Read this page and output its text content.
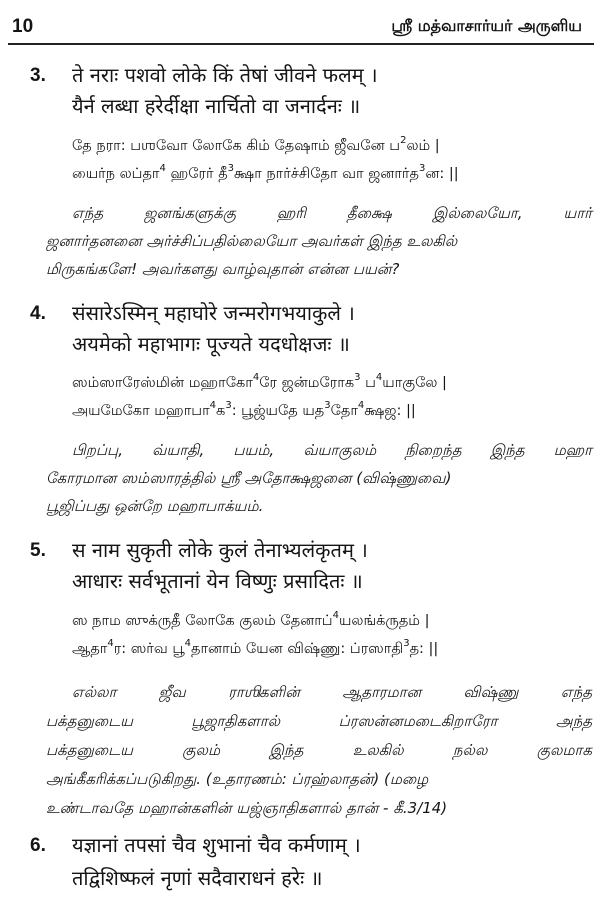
10	ஸ்ரீ மத்வாசார்யர் அருளிய
3. ते नराः पशवो लोके किं तेषां जीवने फलम् ।
यैर्न लब्धा हरेर्दीक्षा नार्चितो वा जनार्दनः ॥
தே நரா: பஶவோ லோகே கிம் தேஷாம் ஜீவனே ப$^2$லம் |
யைர்ந லப்தா$^4$ ஹரேர் தீ$^3$க்ஷா நார்ச்சிதோ வா ஜனார்த$^3$ன: ||
எந்த ஜனங்களுக்கு ஹரி தீக்ஷை இல்லையோ, யார்
ஜனார்தனனை அர்ச்சிப்பதில்லையோ அவர்கள் இந்த உலகில்
மிருகங்களே! அவர்களது வாழ்வுதான் என்ன பயன்?
4. संसारेऽस्मिन् महाघोरे जन्मरोगभयाकुले ।
अयमेको महाभागः पूज्यते यदधोक्षजः ॥
ஸம்ஸாரேஸ்மின் மஹாகோ$^4$ரே ஜன்மரோக$^3$ ப$^4$யாகுலே |
அயமேகோ மஹாபா$^4$க$^3$: பூஜ்யதே யத$^3$தோ$^4$க்ஷஜ: ||
பிறப்பு, வ்யாதி, பயம், வ்யாகுலம் நிறைந்த இந்த மஹா
கோரமான ஸம்ஸாரத்தில் ஸ்ரீ அதோக்ஷஜனை (விஷ்ணுவை)
பூஜிப்பது ஒன்றே மஹாபாக்யம்.
5. स नाम सुकृती लोके कुलं तेनाभ्यलंकृतम् ।
आधारः सर्वभूतानां येन विष्णुः प्रसादितः ॥
ஸ நாம ஸுக்ருதீ லோகே குலம் தேனாப்$^4$யலங்க்ருதம் |
ஆதா$^4$ர: ஸர்வ பூ$^4$தானாம் யேன விஷ்ணு: ப்ரஸாதி$^3$த: ||
எல்லா ஜீவ ராஶிகளின் ஆதாரமான விஷ்ணு எந்த
பக்தனுடைய பூஜாதிகளால் ப்ரஸன்னமடைகிறாரோ அந்த
பக்தனுடைய குலம் இந்த உலகில் நல்ல குலமாக
அங்கீகரிக்கப்படுகிறது. (உதாரணம்: ப்ரஹ்லாதன்) (மழை
உண்டாவதே மஹான்களின் யஜ்ஞாதிகளால் தான் - கீ.3/14)
6. यज्ञानां तपसां चैव शुभानां चैव कर्मणाम् ।
तद्विशिष्फलं नृणां सदैवाराधनं हरेः ॥
